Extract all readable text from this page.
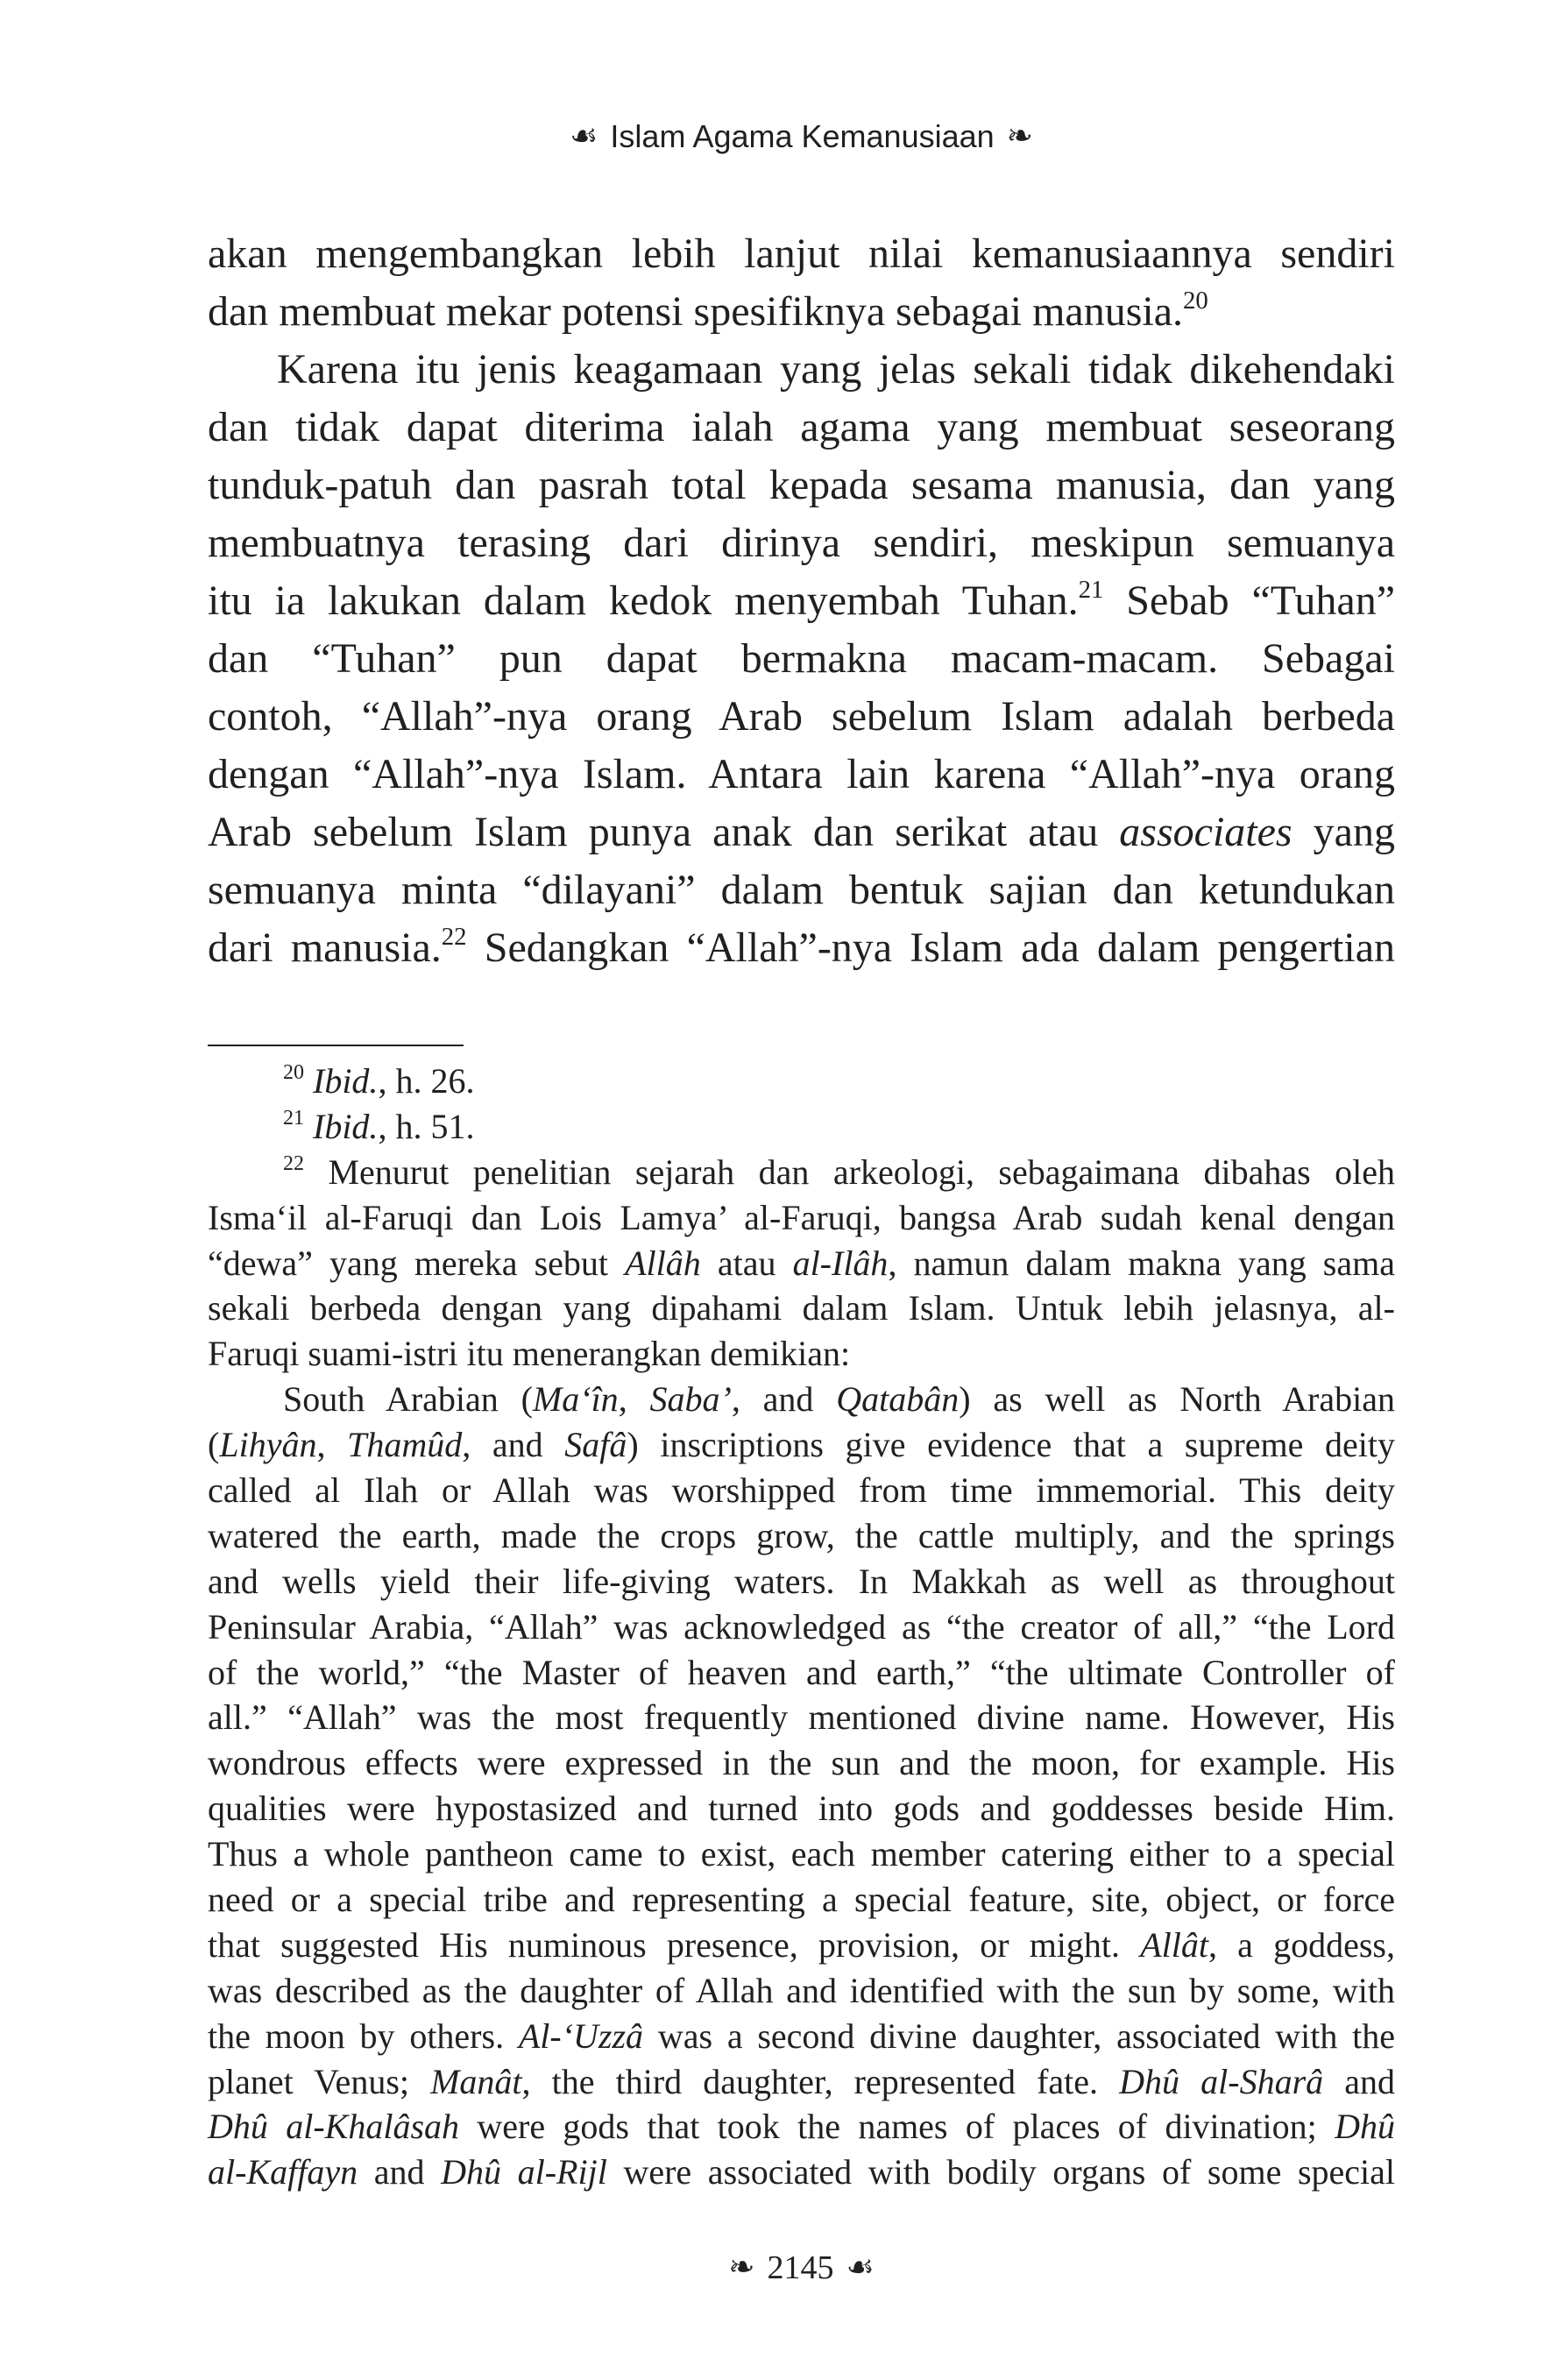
☙ Islam Agama Kemanusiaan ❧
akan mengembangkan lebih lanjut nilai kemanusiaannya sendiri
dan membuat mekar potensi spesifiknya sebagai manusia.$^{20}$
Karena itu jenis keagamaan yang jelas sekali tidak dikehendaki
dan tidak dapat diterima ialah agama yang membuat seseorang
tunduk-patuh dan pasrah total kepada sesama manusia, dan yang
membuatnya terasing dari dirinya sendiri, meskipun semuanya
itu ia lakukan dalam kedok menyembah Tuhan.$^{21}$ Sebab “Tuhan”
dan “Tuhan” pun dapat bermakna macam-macam. Sebagai
contoh, “Allah”-nya orang Arab sebelum Islam adalah berbeda
dengan “Allah”-nya Islam. Antara lain karena “Allah”-nya orang
Arab sebelum Islam punya anak dan serikat atau associates yang
semuanya minta “dilayani” dalam bentuk sajian dan ketundukan
dari manusia.$^{22}$ Sedangkan “Allah”-nya Islam ada dalam pengertian
$^{20}$ Ibid., h. 26.
$^{21}$ Ibid., h. 51.
$^{22}$ Menurut penelitian sejarah dan arkeologi, sebagaimana dibahas oleh
Isma‘il al-Faruqi dan Lois Lamya’ al-Faruqi, bangsa Arab sudah kenal dengan
“dewa” yang mereka sebut Allâh atau al-Ilâh, namun dalam makna yang sama
sekali berbeda dengan yang dipahami dalam Islam. Untuk lebih jelasnya, al-
Faruqi suami-istri itu menerangkan demikian:
South Arabian (Ma‘în, Saba’, and Qatabân) as well as North Arabian
(Lihyân, Thamûd, and Safâ) inscriptions give evidence that a supreme deity
called al Ilah or Allah was worshipped from time immemorial. This deity
watered the earth, made the crops grow, the cattle multiply, and the springs
and wells yield their life-giving waters. In Makkah as well as throughout
Peninsular Arabia, “Allah” was acknowledged as “the creator of all,” “the Lord
of the world,” “the Master of heaven and earth,” “the ultimate Controller of
all.” “Allah” was the most frequently mentioned divine name. However, His
wondrous effects were expressed in the sun and the moon, for example. His
qualities were hypostasized and turned into gods and goddesses beside Him.
Thus a whole pantheon came to exist, each member catering either to a special
need or a special tribe and representing a special feature, site, object, or force
that suggested His numinous presence, provision, or might. Allât, a goddess,
was described as the daughter of Allah and identified with the sun by some, with
the moon by others. Al-‘Uzzâ was a second divine daughter, associated with the
planet Venus; Manât, the third daughter, represented fate. Dhû al-Sharâ and
Dhû al-Khalâsah were gods that took the names of places of divination; Dhû
al-Kaffayn and Dhû al-Rijl were associated with bodily organs of some special
❧ 2145 ☙
